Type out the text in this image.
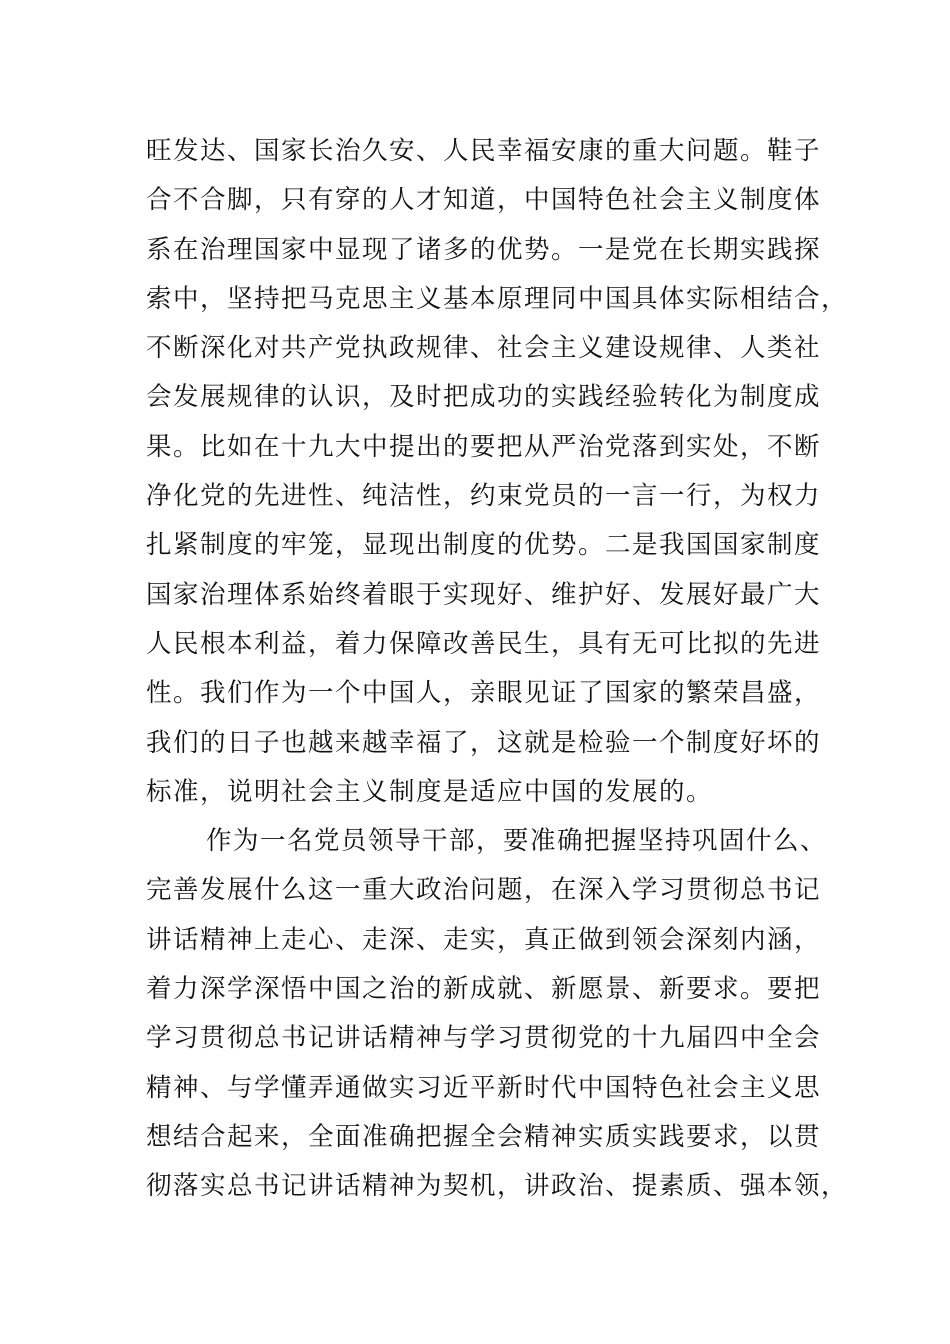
旺发达、国家长治久安、人民幸福安康的重大问题。鞋子
合不合脚，只有穿的人才知道，中国特色社会主义制度体
系在治理国家中显现了诸多的优势。一是党在长期实践探
索中，坚持把马克思主义基本原理同中国具体实际相结合，
不断深化对共产党执政规律、社会主义建设规律、人类社
会发展规律的认识，及时把成功的实践经验转化为制度成
果。比如在十九大中提出的要把从严治党落到实处，不断
净化党的先进性、纯洁性，约束党员的一言一行，为权力
扎紧制度的牢笼，显现出制度的优势。二是我国国家制度
国家治理体系始终着眼于实现好、维护好、发展好最广大
人民根本利益，着力保障改善民生，具有无可比拟的先进
性。我们作为一个中国人，亲眼见证了国家的繁荣昌盛，
我们的日子也越来越幸福了，这就是检验一个制度好坏的
标准，说明社会主义制度是适应中国的发展的。
作为一名党员领导干部，要准确把握坚持巩固什么、
完善发展什么这一重大政治问题，在深入学习贯彻总书记
讲话精神上走心、走深、走实，真正做到领会深刻内涵，
着力深学深悟中国之治的新成就、新愿景、新要求。要把
学习贯彻总书记讲话精神与学习贯彻党的十九届四中全会
精神、与学懂弄通做实习近平新时代中国特色社会主义思
想结合起来，全面准确把握全会精神实质实践要求，以贯
彻落实总书记讲话精神为契机，讲政治、提素质、强本领，
